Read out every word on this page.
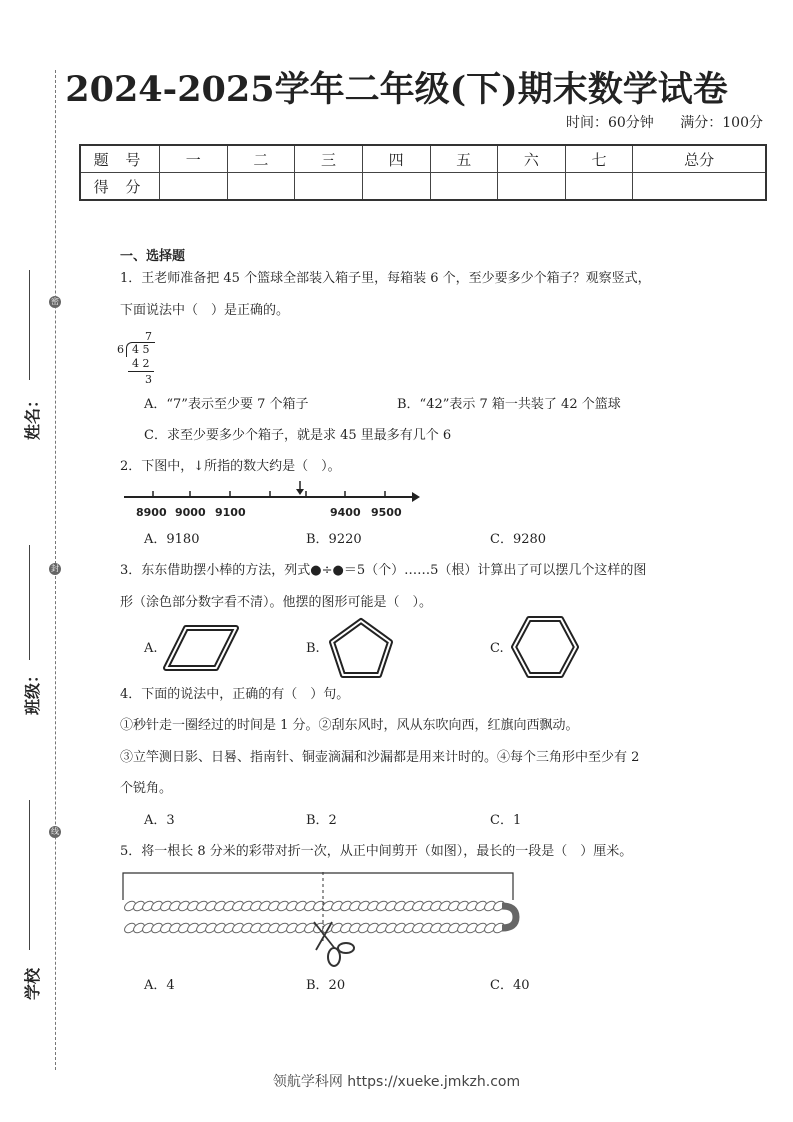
2024-2025学年二年级(下)期末数学试卷
时间：60分钟 满分：100分
题 号	一	二	三	四	五	六	七	总分
得 分								
密
封
线
姓名：
班级：
学校
一、选择题
1．王老师准备把 45 个篮球全部装入箱子里，每箱装 6 个，至少要多少个箱子？观察竖式，
下面说法中（　）是正确的。
7
6 4 5
4 2
3
A．“7”表示至少要 7 个箱子	B．“42”表示 7 箱一共装了 42 个篮球
C．求至少要多少个箱子，就是求 45 里最多有几个 6
2．下图中，↓所指的数大约是（　）。
8900 9000 9100	9400 9500
A．9180	B．9220	C．9280
3．东东借助摆小棒的方法，列式●÷●＝5（个）……5（根）计算出了可以摆几个这样的图
形（涂色部分数字看不清）。他摆的图形可能是（　）。
A.	B.	C.
4．下面的说法中，正确的有（　）句。
①秒针走一圈经过的时间是 1 分。②刮东风时，风从东吹向西，红旗向西飘动。
③立竿测日影、日晷、指南针、铜壶滴漏和沙漏都是用来计时的。④每个三角形中至少有 2
个锐角。
A．3	B．2	C．1
5．将一根长 8 分米的彩带对折一次，从正中间剪开（如图），最长的一段是（　）厘米。
A．4	B．20	C．40
领航学科网 https://xueke.jmkzh.com
